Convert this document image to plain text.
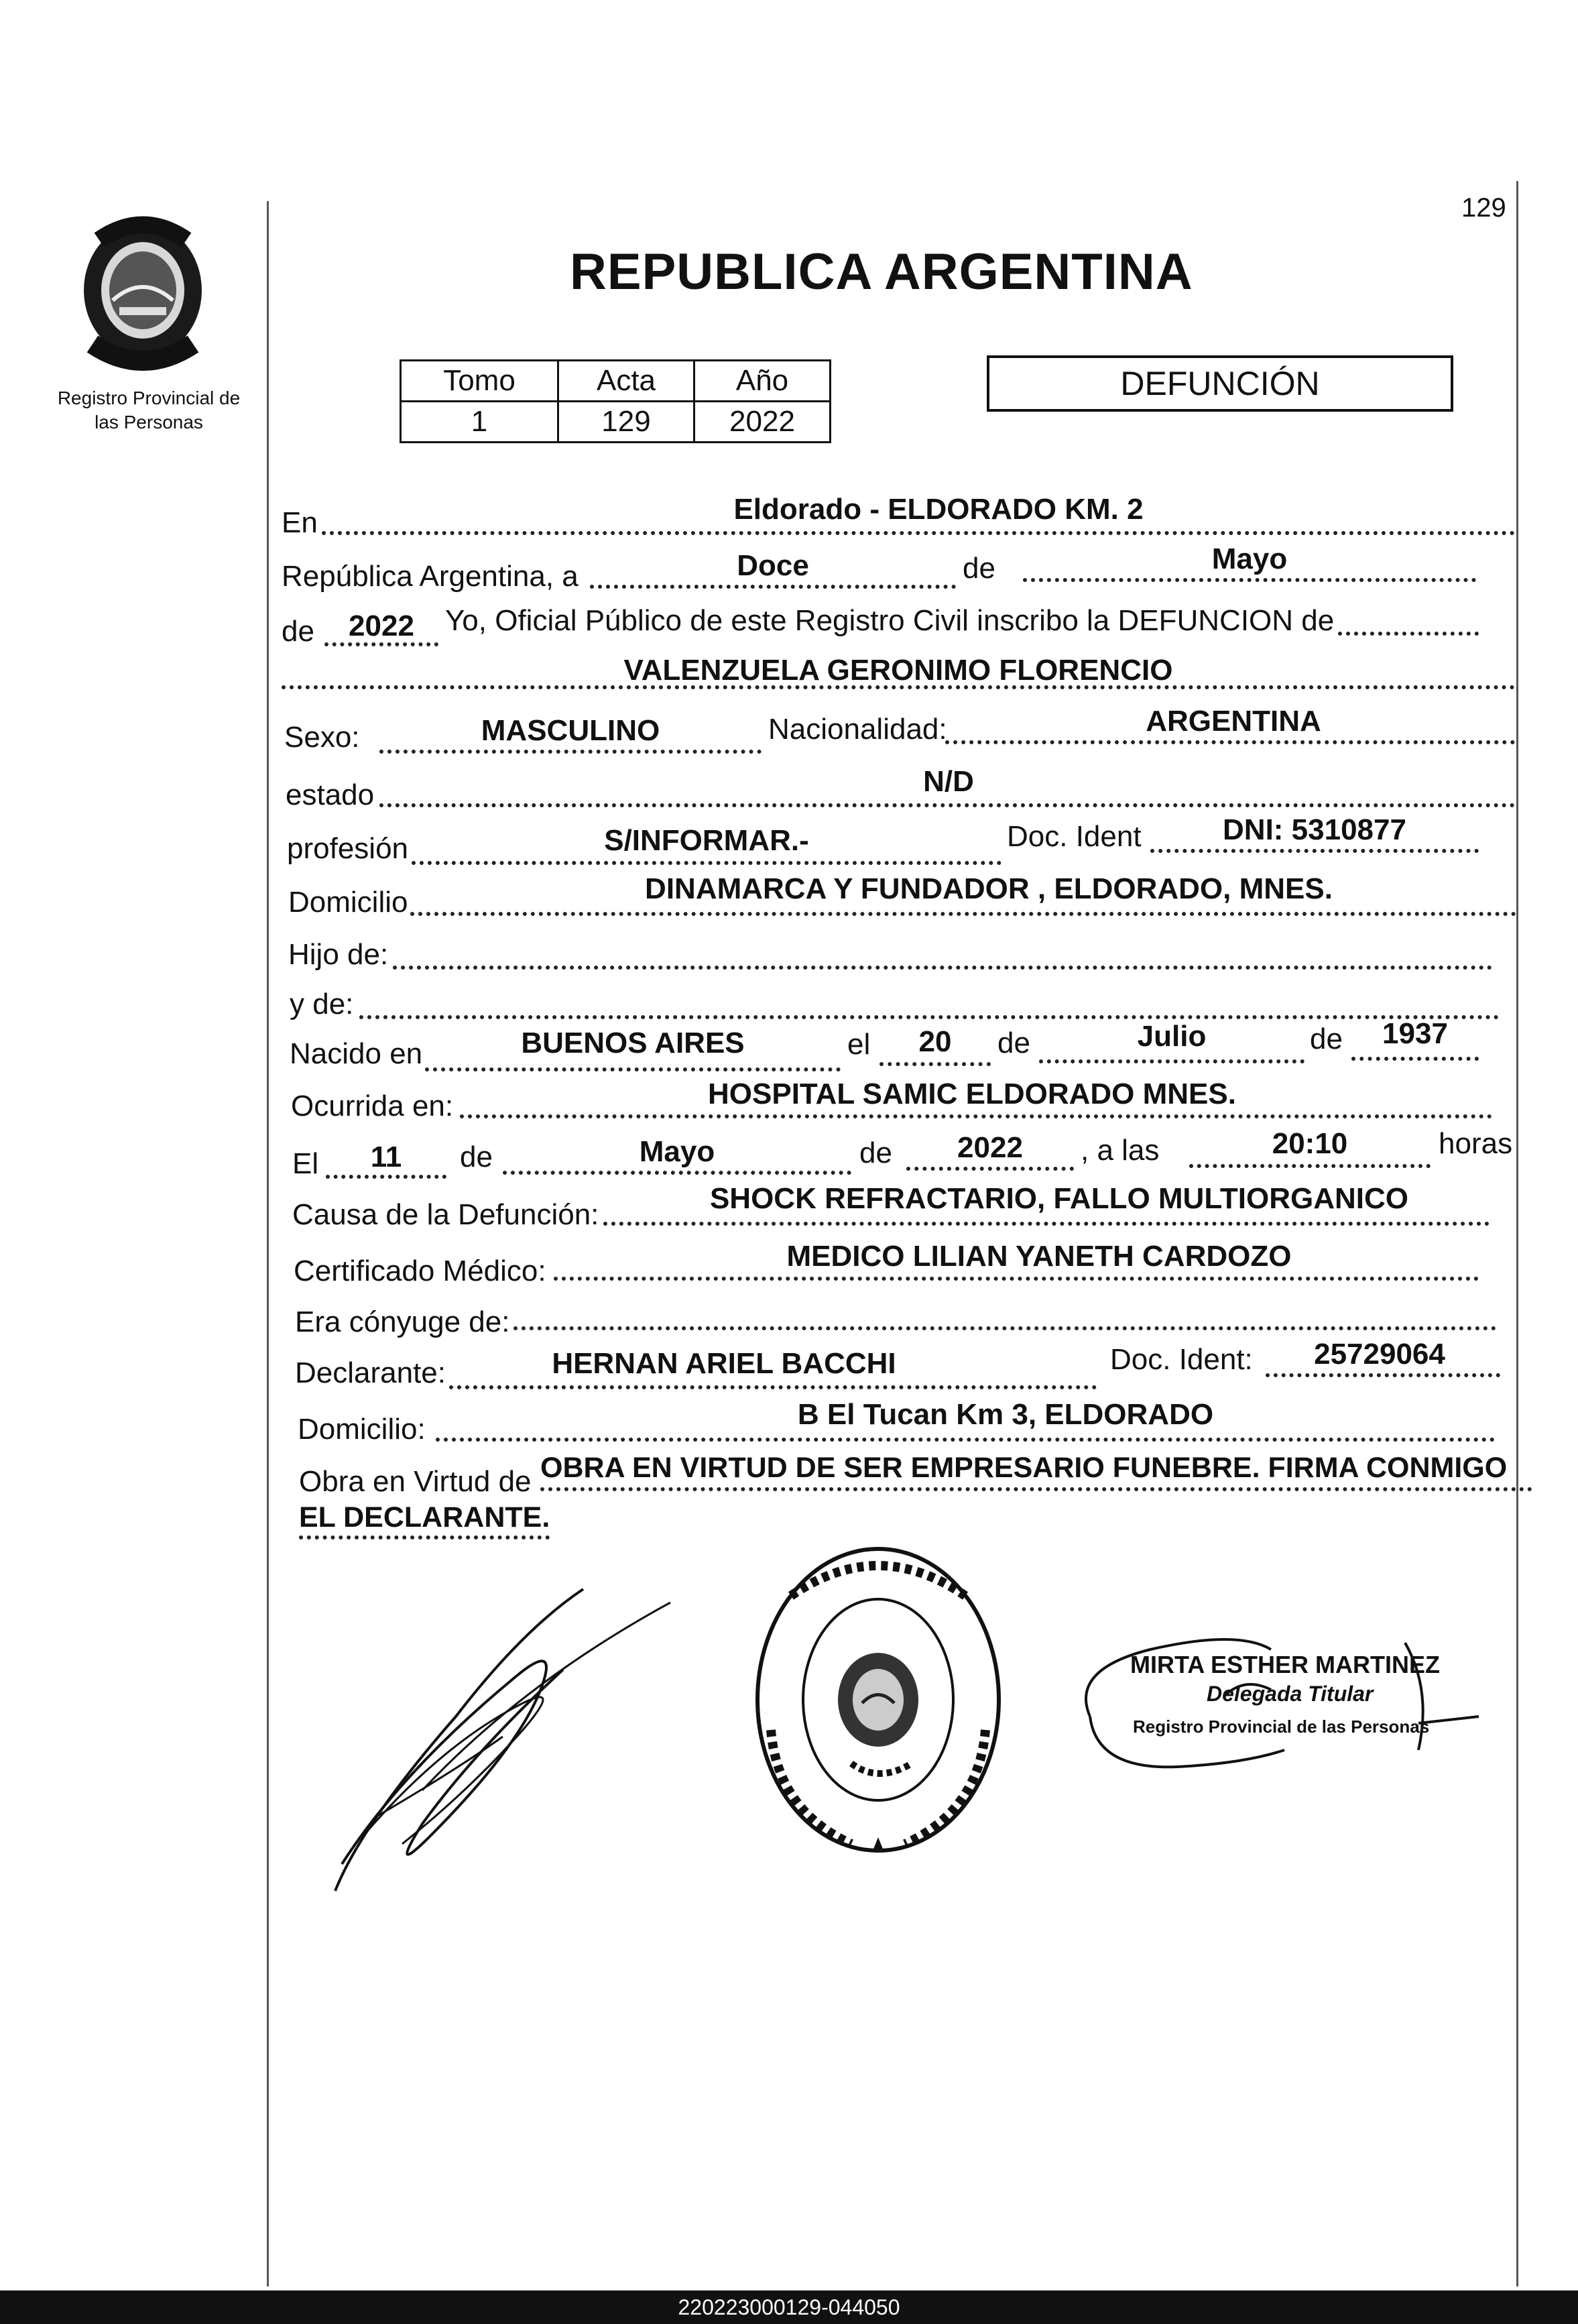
129
Registro Provincial de
las Personas
REPUBLICA ARGENTINA
Tomo	Acta	Año
1	129	2022
DEFUNCIÓN
En	Eldorado - ELDORADO KM. 2
República Argentina, a	Doce	de	Mayo
de	2022	Yo, Oficial Público de este Registro Civil inscribo la DEFUNCION de
VALENZUELA GERONIMO FLORENCIO
Sexo:	MASCULINO	Nacionalidad:	ARGENTINA
estado	N/D
profesión	S/INFORMAR.-	Doc. Ident	DNI: 5310877
Domicilio	DINAMARCA Y FUNDADOR , ELDORADO, MNES.
Hijo de:
y de:
Nacido en	BUENOS AIRES	el	20	de	Julio	de	1937
Ocurrida en:	HOSPITAL SAMIC ELDORADO MNES.
El	11	de	Mayo	de	2022	, a las	20:10	horas
Causa de la Defunción:	SHOCK REFRACTARIO, FALLO MULTIORGANICO
Certificado Médico:	MEDICO LILIAN YANETH CARDOZO
Era cónyuge de:
Declarante:	HERNAN ARIEL BACCHI	Doc. Ident:	25729064
Domicilio:	B El Tucan Km 3, ELDORADO
Obra en Virtud de OBRA EN VIRTUD DE SER EMPRESARIO FUNEBRE. FIRMA CONMIGO
EL DECLARANTE.
MIRTA ESTHER MARTINEZ
Delegada Titular
Registro Provincial de las Personas
220223000129-044050
